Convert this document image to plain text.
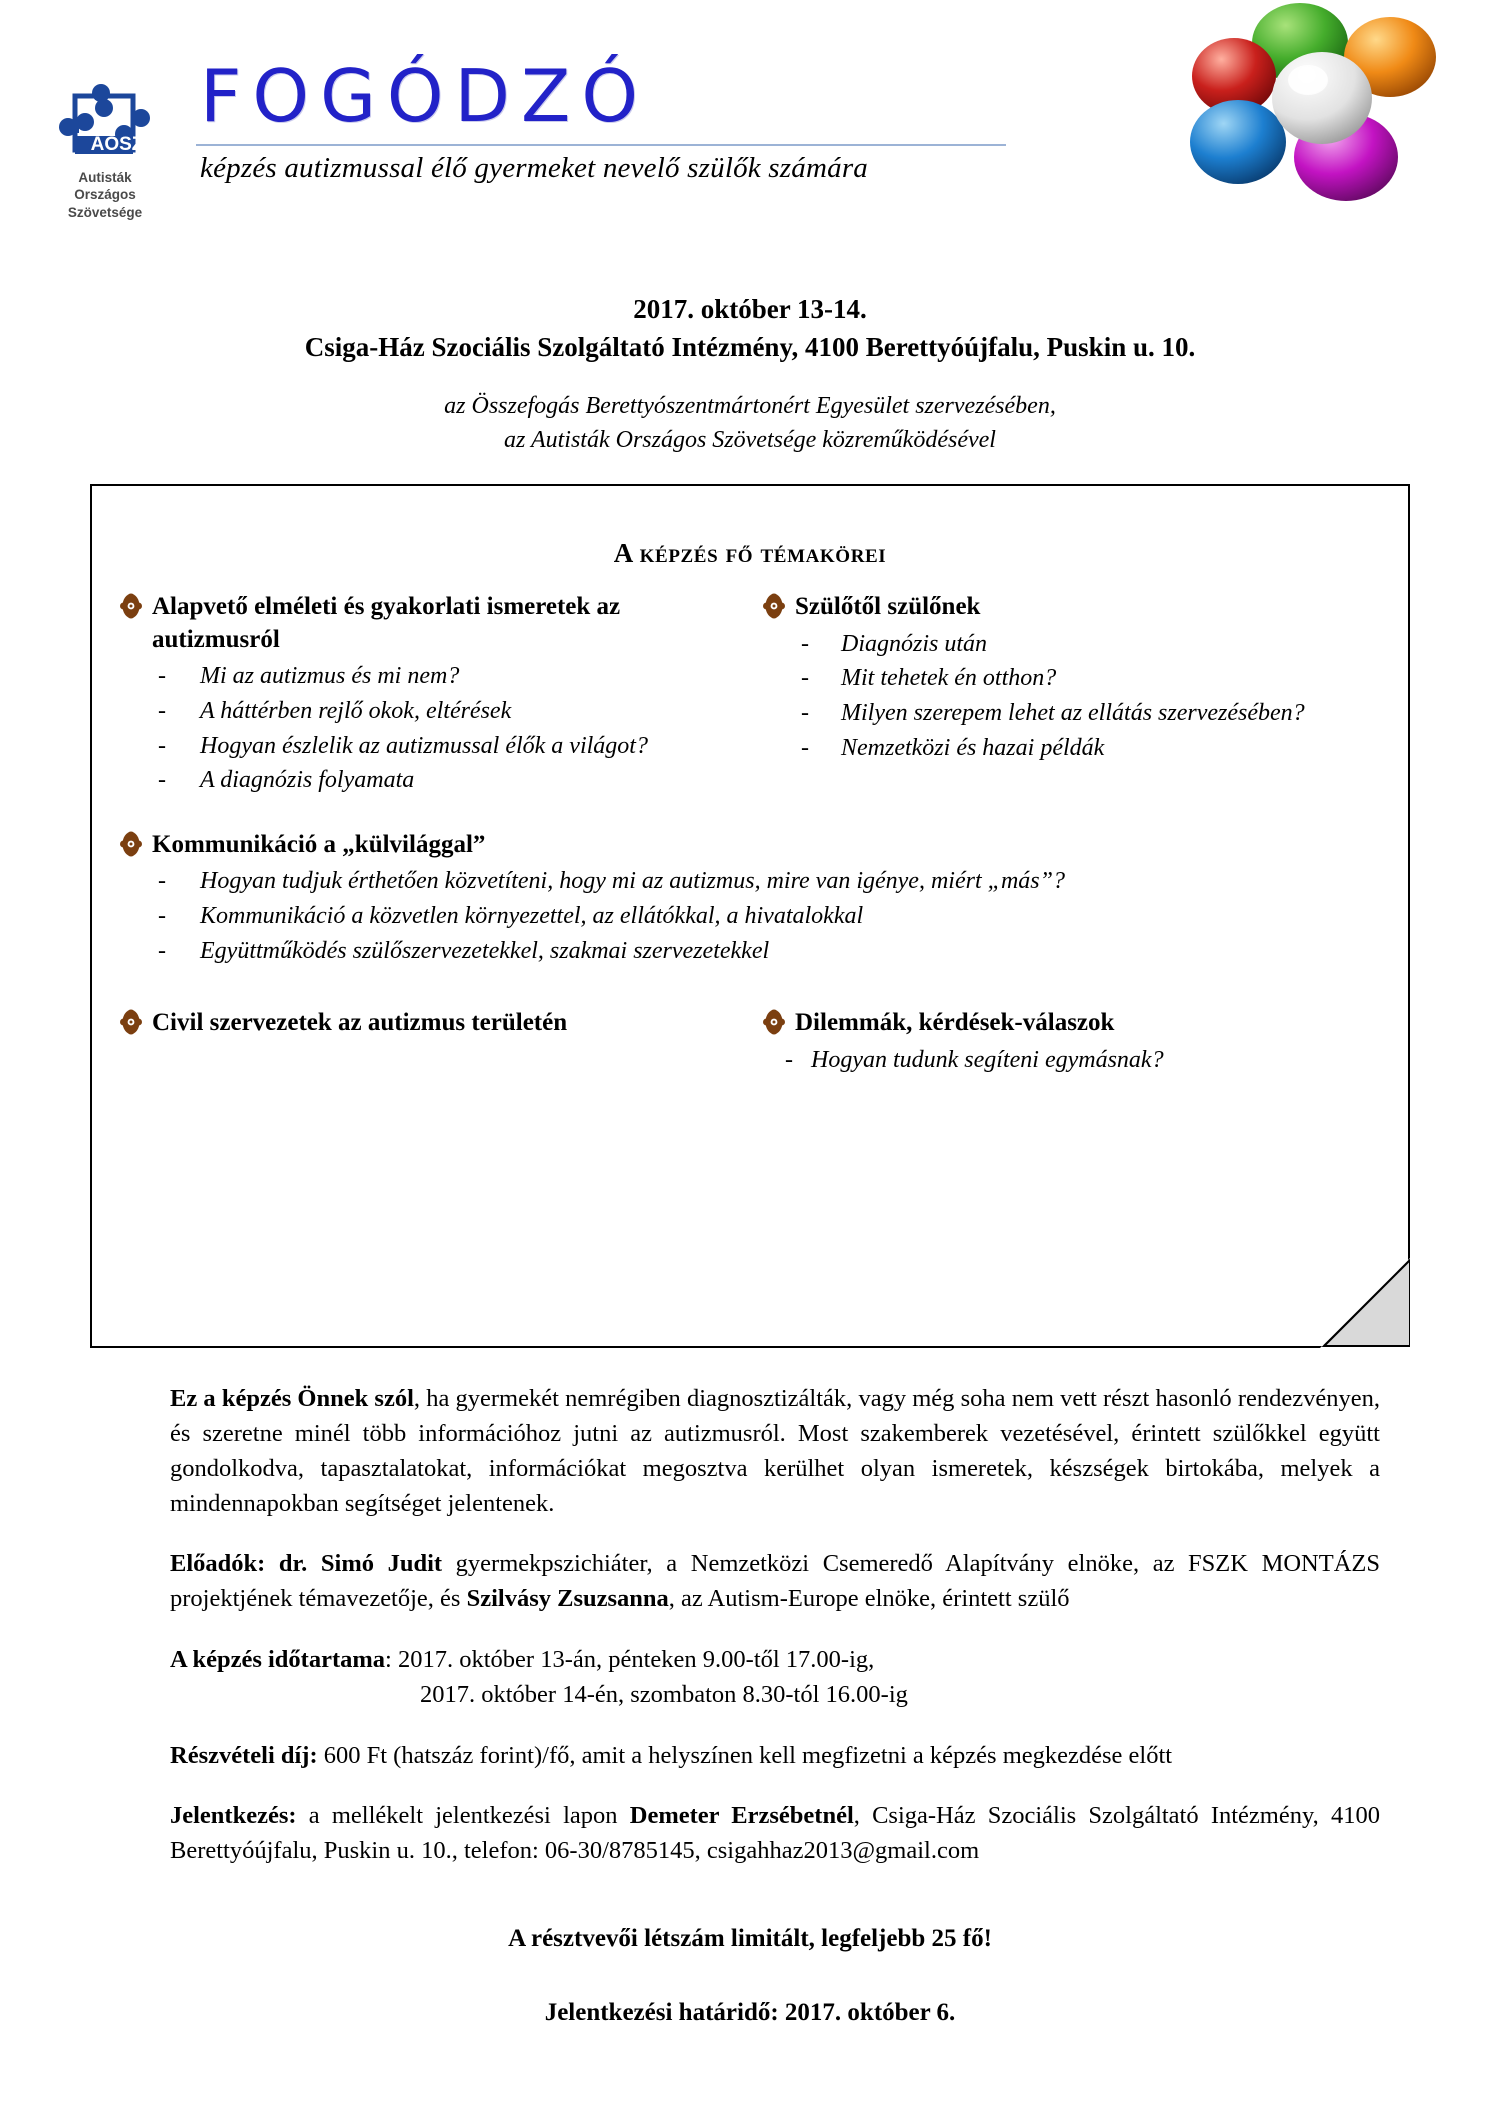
AOSZ
Autisták
Országos
Szövetsége
FOGÓDZÓ
képzés autizmussal élő gyermeket nevelő szülők számára
2017. október 13-14.
Csiga-Ház Szociális Szolgáltató Intézmény, 4100 Berettyóújfalu, Puskin u. 10.
az Összefogás Berettyószentmártonért Egyesület szervezésében,
az Autisták Országos Szövetsége közreműködésével
A képzés fő témakörei
Alapvető elméleti és gyakorlati ismeretek az autizmusról
- Mi az autizmus és mi nem?
- A háttérben rejlő okok, eltérések
- Hogyan észlelik az autizmussal élők a világot?
- A diagnózis folyamata
Szülőtől szülőnek
- Diagnózis után
- Mit tehetek én otthon?
- Milyen szerepem lehet az ellátás szervezésében?
- Nemzetközi és hazai példák
Kommunikáció a „külvilággal”
- Hogyan tudjuk érthetően közvetíteni, hogy mi az autizmus, mire van igénye, miért „más”?
- Kommunikáció a közvetlen környezettel, az ellátókkal, a hivatalokkal
- Együttműködés szülőszervezetekkel, szakmai szervezetekkel
Civil szervezetek az autizmus területén	Dilemmák, kérdések-válaszok
- Hogyan tudunk segíteni egymásnak?

Ez a képzés Önnek szól, ha gyermekét nemrégiben diagnosztizálták, vagy még soha nem vett részt hasonló rendezvényen, és szeretne minél több információhoz jutni az autizmusról. Most szakemberek vezetésével, érintett szülőkkel együtt gondolkodva, tapasztalatokat, információkat megosztva kerülhet olyan ismeretek, készségek birtokába, melyek a mindennapokban segítséget jelentenek.

Előadók: dr. Simó Judit gyermekpszichiáter, a Nemzetközi Csemeredő Alapítvány elnöke, az FSZK MONTÁZS projektjének témavezetője, és Szilvásy Zsuzsanna, az Autism-Europe elnöke, érintett szülő

A képzés időtartama: 2017. október 13-án, pénteken 9.00-től 17.00-ig,
2017. október 14-én, szombaton 8.30-tól 16.00-ig

Részvételi díj: 600 Ft (hatszáz forint)/fő, amit a helyszínen kell megfizetni a képzés megkezdése előtt

Jelentkezés: a mellékelt jelentkezési lapon Demeter Erzsébetnél, Csiga-Ház Szociális Szolgáltató Intézmény, 4100 Berettyóújfalu, Puskin u. 10., telefon: 06-30/8785145, csigahhaz2013@gmail.com

A résztvevői létszám limitált, legfeljebb 25 fő!
Jelentkezési határidő: 2017. október 6.
